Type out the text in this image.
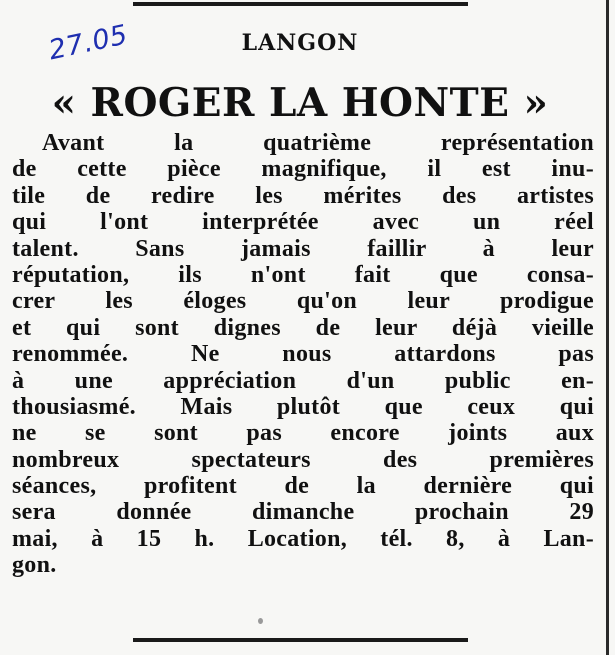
27.05	LANGON
« ROGER LA HONTE »
Avant la quatrième représentation
de cette pièce magnifique, il est inu-
tile de redire les mérites des artistes
qui l'ont interprétée avec un réel
talent. Sans jamais faillir à leur
réputation, ils n'ont fait que consa-
crer les éloges qu'on leur prodigue
et qui sont dignes de leur déjà vieille
renommée. Ne nous attardons pas
à une appréciation d'un public en-
thousiasmé. Mais plutôt que ceux qui
ne se sont pas encore joints aux
nombreux spectateurs des premières
séances, profitent de la dernière qui
sera donnée dimanche prochain 29
mai, à 15 h. Location, tél. 8, à Lan-
gon.
